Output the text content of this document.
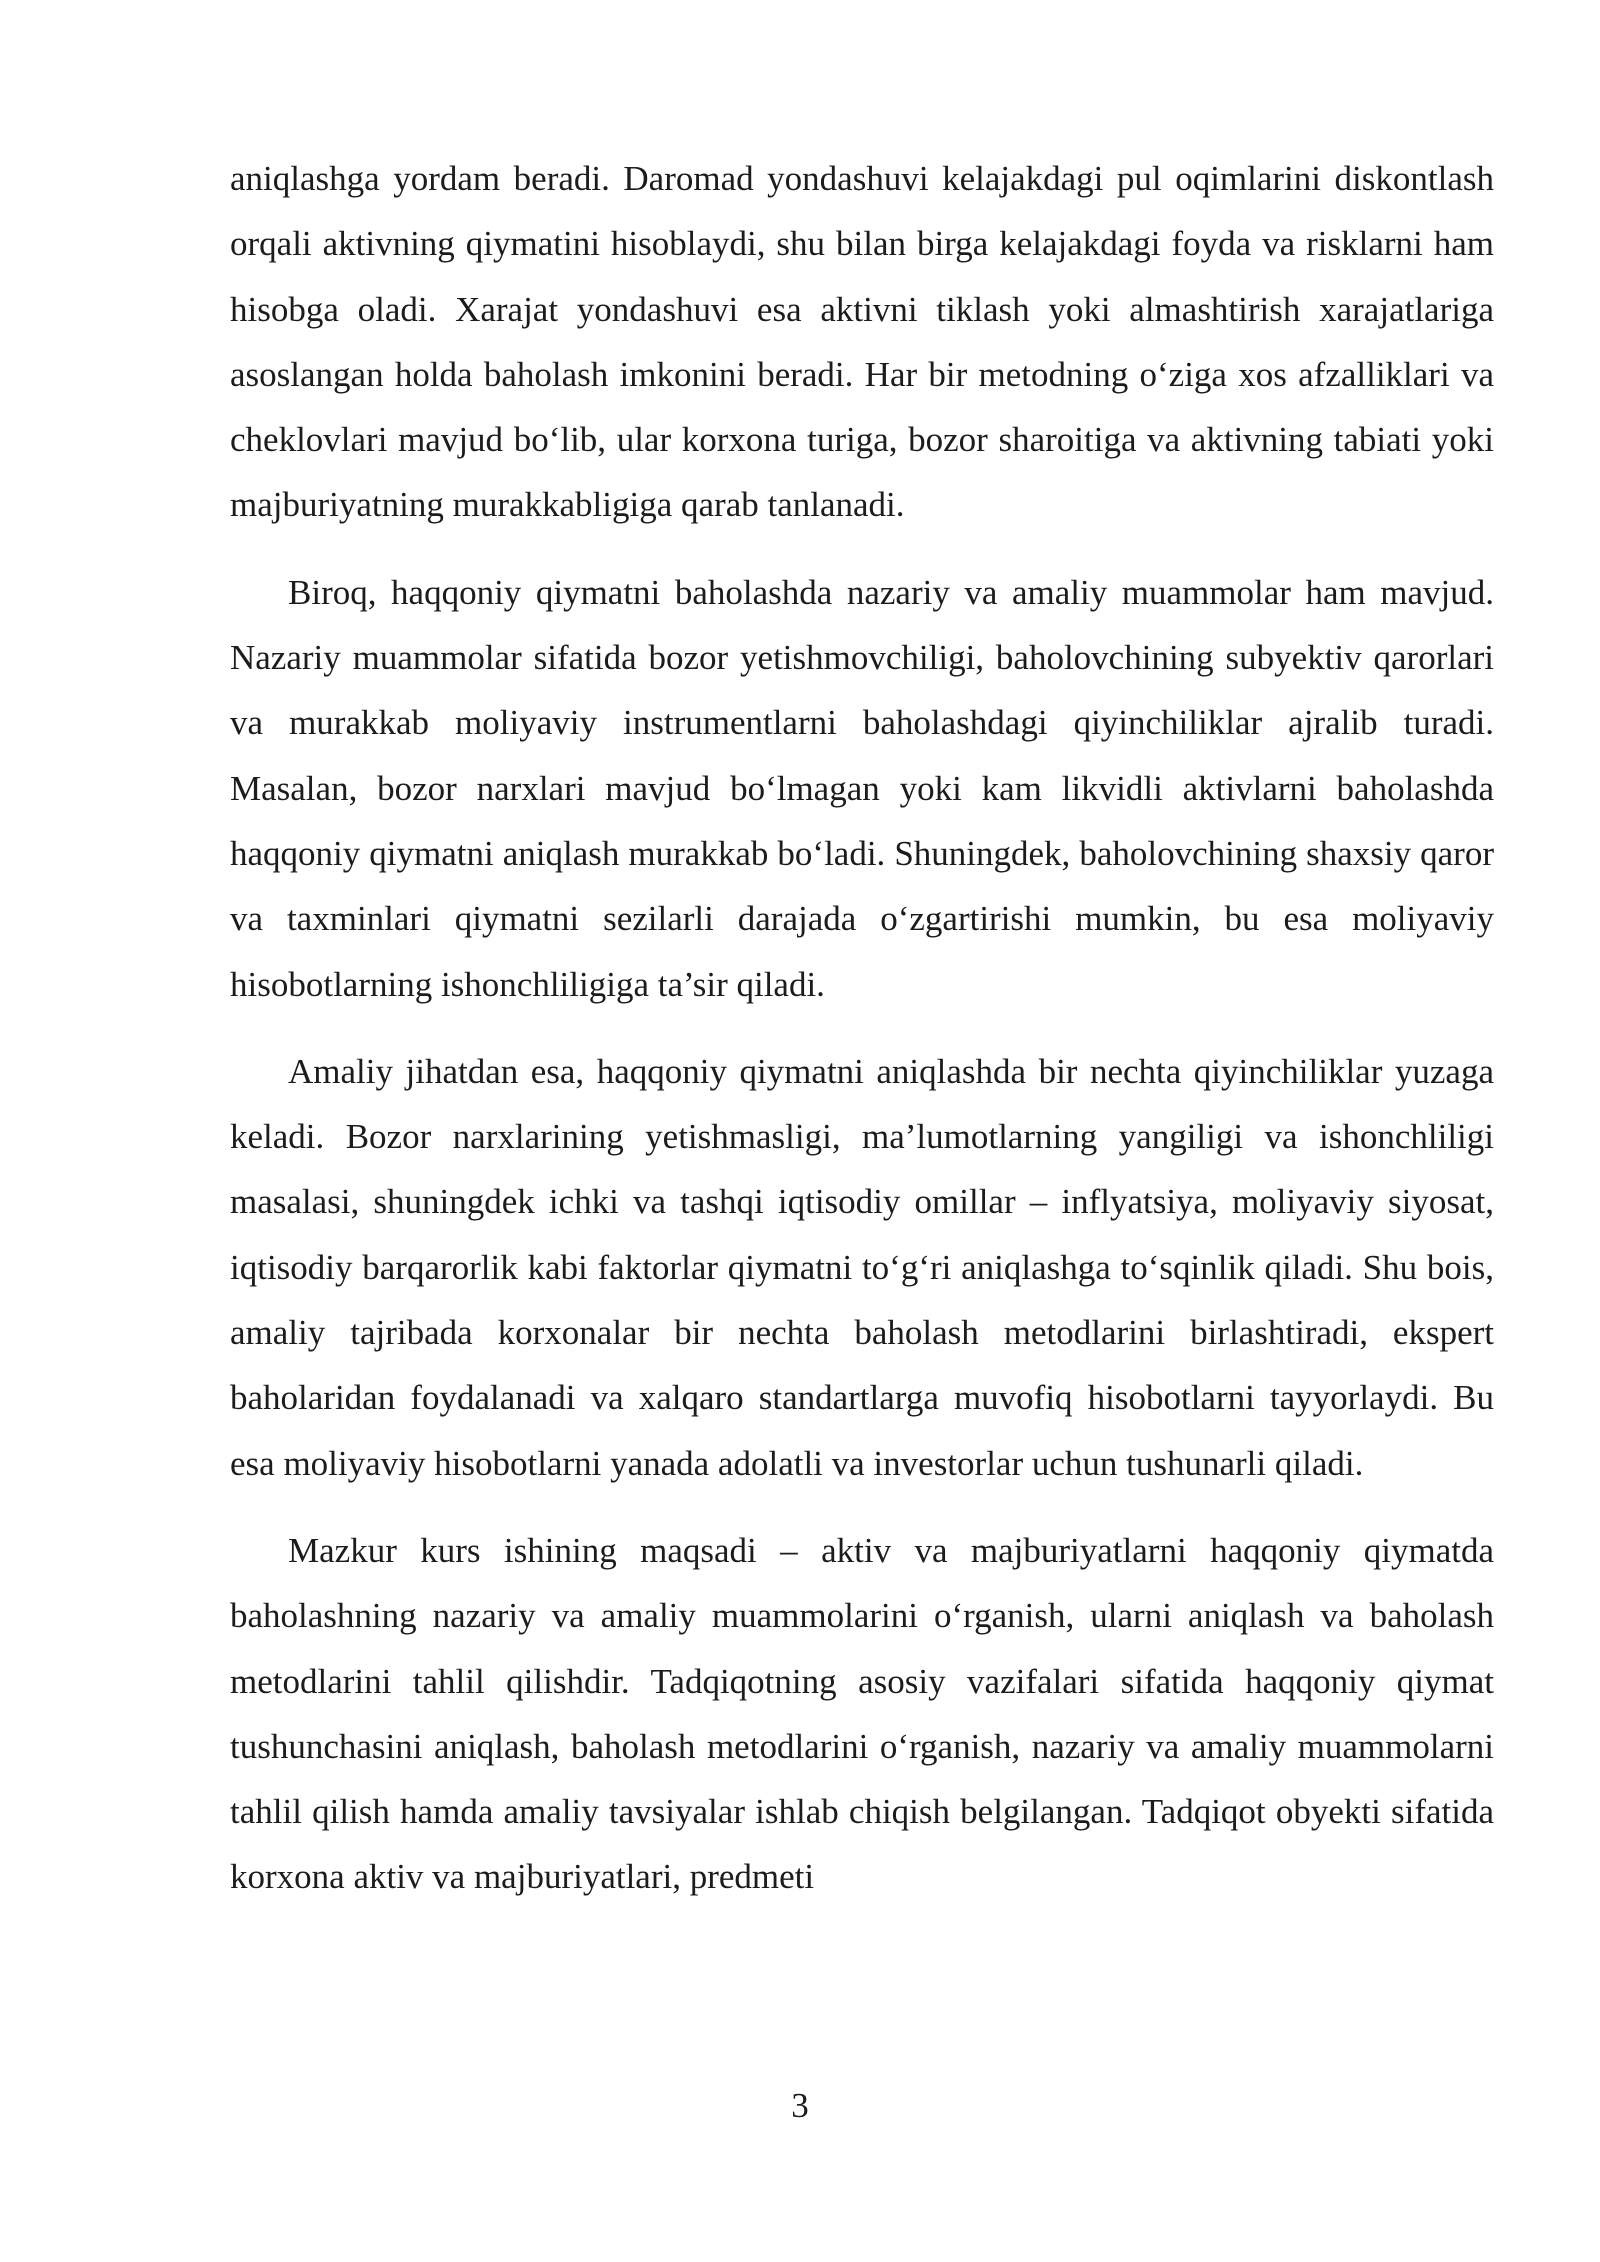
aniqlashga yordam beradi. Daromad yondashuvi kelajakdagi pul oqimlarini diskontlash orqali aktivning qiymatini hisoblaydi, shu bilan birga kelajakdagi foyda va risklarni ham hisobga oladi. Xarajat yondashuvi esa aktivni tiklash yoki almashtirish xarajatlariga asoslangan holda baholash imkonini beradi. Har bir metodning o‘ziga xos afzalliklari va cheklovlari mavjud bo‘lib, ular korxona turiga, bozor sharoitiga va aktivning tabiati yoki majburiyatning murakkabligiga qarab tanlanadi.

Biroq, haqqoniy qiymatni baholashda nazariy va amaliy muammolar ham mavjud. Nazariy muammolar sifatida bozor yetishmovchiligi, baholovchining subyektiv qarorlari va murakkab moliyaviy instrumentlarni baholashdagi qiyinchiliklar ajralib turadi. Masalan, bozor narxlari mavjud bo‘lmagan yoki kam likvidli aktivlarni baholashda haqqoniy qiymatni aniqlash murakkab bo‘ladi. Shuningdek, baholovchining shaxsiy qaror va taxminlari qiymatni sezilarli darajada o‘zgartirishi mumkin, bu esa moliyaviy hisobotlarning ishonchliligiga ta’sir qiladi.

Amaliy jihatdan esa, haqqoniy qiymatni aniqlashda bir nechta qiyinchiliklar yuzaga keladi. Bozor narxlarining yetishmasligi, ma’lumotlarning yangiligi va ishonchliligi masalasi, shuningdek ichki va tashqi iqtisodiy omillar – inflyatsiya, moliyaviy siyosat, iqtisodiy barqarorlik kabi faktorlar qiymatni to‘g‘ri aniqlashga to‘sqinlik qiladi. Shu bois, amaliy tajribada korxonalar bir nechta baholash metodlarini birlashtiradi, ekspert baholaridan foydalanadi va xalqaro standartlarga muvofiq hisobotlarni tayyorlaydi. Bu esa moliyaviy hisobotlarni yanada adolatli va investorlar uchun tushunarli qiladi.

Mazkur kurs ishining maqsadi – aktiv va majburiyatlarni haqqoniy qiymatda baholashning nazariy va amaliy muammolarini o‘rganish, ularni aniqlash va baholash metodlarini tahlil qilishdir. Tadqiqotning asosiy vazifalari sifatida haqqoniy qiymat tushunchasini aniqlash, baholash metodlarini o‘rganish, nazariy va amaliy muammolarni tahlil qilish hamda amaliy tavsiyalar ishlab chiqish belgilangan. Tadqiqot obyekti sifatida korxona aktiv va majburiyatlari, predmeti

3
